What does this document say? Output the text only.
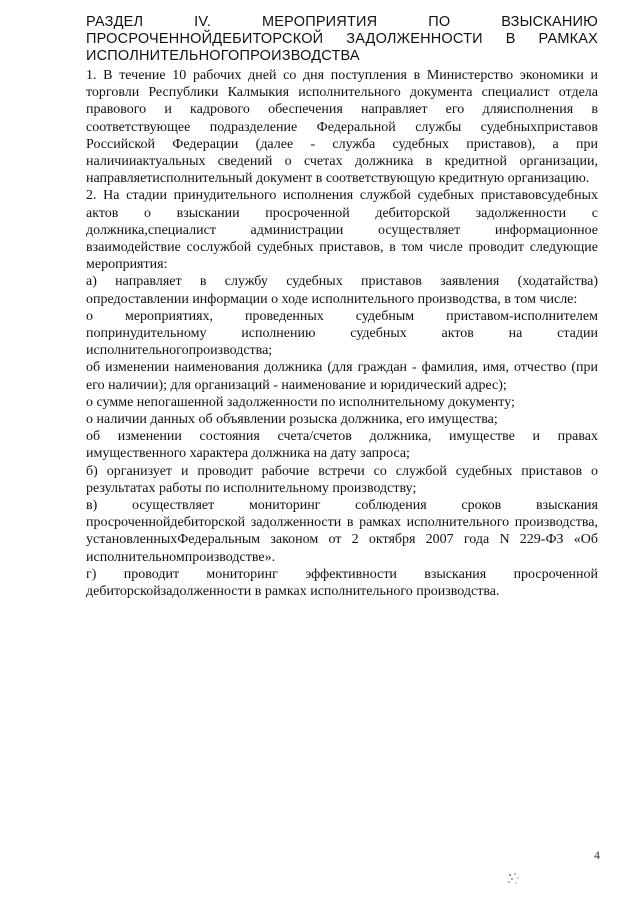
РАЗДЕЛ IV. МЕРОПРИЯТИЯ ПО ВЗЫСКАНИЮ ПРОСРОЧЕННОЙДЕБИТОРСКОЙ ЗАДОЛЖЕННОСТИ В РАМКАХ ИСПОЛНИТЕЛЬНОГОПРОИЗВОДСТВА

1. В течение 10 рабочих дней со дня поступления в Министерство экономики и торговли Республики Калмыкия исполнительного документа специалист отдела правового и кадрового обеспечения направляет его дляисполнения в соответствующее подразделение Федеральной службы судебныхприставов Российской Федерации (далее - служба судебных приставов), а при наличииактуальных сведений о счетах должника в кредитной организации, направляетисполнительный документ в соответствующую кредитную организацию.

2. На стадии принудительного исполнения службой судебных приставовсудебных актов о взыскании просроченной дебиторской задолженности с должника,специалист администрации осуществляет информационное взаимодействие сослужбой судебных приставов, в том числе проводит следующие мероприятия:

а) направляет в службу судебных приставов заявления (ходатайства) опредоставлении информации о ходе исполнительного производства, в том числе:

о мероприятиях, проведенных судебным приставом-исполнителем попринудительному исполнению судебных актов на стадии исполнительногопроизводства;

об изменении наименования должника (для граждан - фамилия, имя, отчество (при его наличии); для организаций - наименование и юридический адрес);

о сумме непогашенной задолженности по исполнительному документу;

о наличии данных об объявлении розыска должника, его имущества;

об изменении состояния счета/счетов должника, имуществе и правах имущественного характера должника на дату запроса;

б) организует и проводит рабочие встречи со службой судебных приставов о результатах работы по исполнительному производству;

в) осуществляет мониторинг соблюдения сроков взыскания просроченнойдебиторской задолженности в рамках исполнительного производства, установленныхФедеральным законом от 2 октября 2007 года N 229-ФЗ «Об исполнительномпроизводстве».

г) проводит мониторинг эффективности взыскания просроченной дебиторскойзадолженности в рамках исполнительного производства.

4
